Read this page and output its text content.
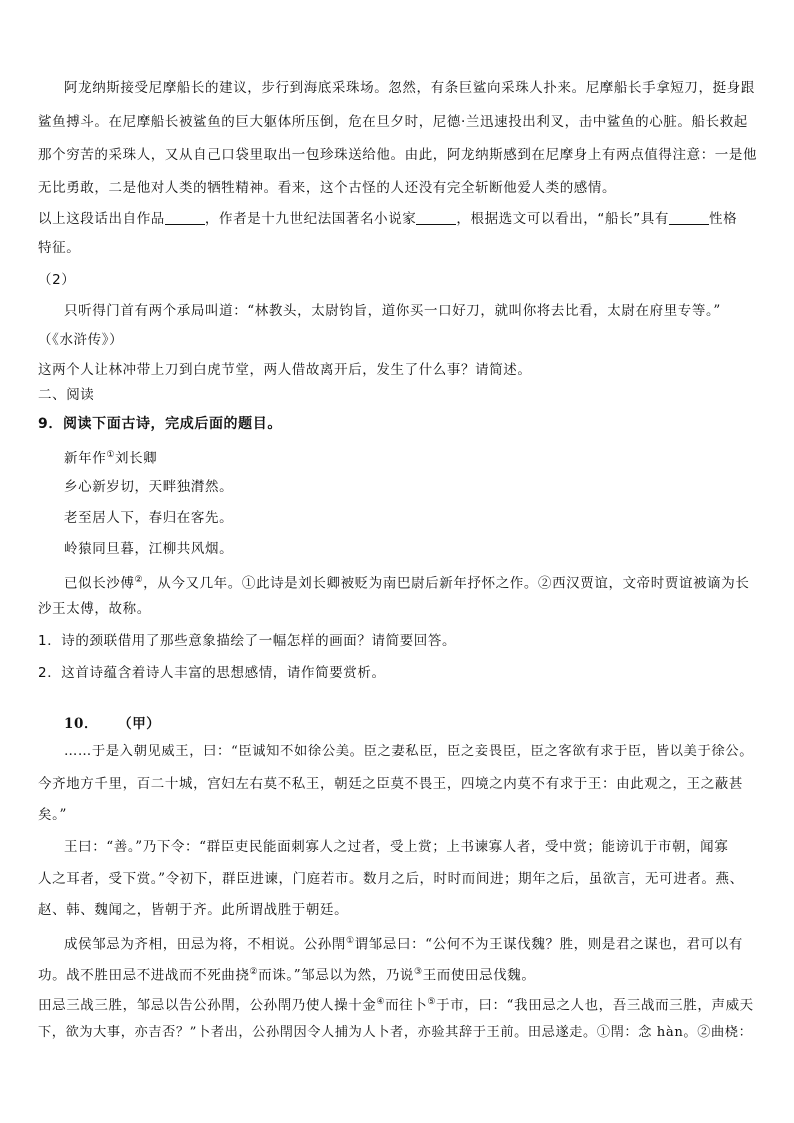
阿龙纳斯接受尼摩船长的建议，步行到海底采珠场。忽然，有条巨鲨向采珠人扑来。尼摩船长手拿短刀，挺身跟
鲨鱼搏斗。在尼摩船长被鲨鱼的巨大躯体所压倒，危在旦夕时，尼德·兰迅速投出利叉，击中鲨鱼的心脏。船长救起
那个穷苦的采珠人，又从自己口袋里取出一包珍珠送给他。由此，阿龙纳斯感到在尼摩身上有两点值得注意：一是他
无比勇敢，二是他对人类的牺牲精神。看来，这个古怪的人还没有完全斩断他爱人类的感情。
以上这段话出自作品	，作者是十九世纪法国著名小说家	，根据选文可以看出，“船长”具有	性格
特征。
（2）
只听得门首有两个承局叫道：“林教头，太尉钧旨，道你买一口好刀，就叫你将去比看，太尉在府里专等。”
（《水浒传》）
这两个人让林冲带上刀到白虎节堂，两人借故离开后，发生了什么事？请简述。
二、阅读
9．阅读下面古诗，完成后面的题目。
新年作①刘长卿
乡心新岁切，天畔独潸然。
老至居人下，春归在客先。
岭猿同旦暮，江柳共风烟。
已似长沙傅②，从今又几年。①此诗是刘长卿被贬为南巴尉后新年抒怀之作。②西汉贾谊，文帝时贾谊被谪为长
沙王太傅，故称。
1．诗的颈联借用了那些意象描绘了一幅怎样的画面？请简要回答。
2．这首诗蕴含着诗人丰富的思想感情，请作简要赏析。
10． （甲）
……于是入朝见威王，曰：“臣诚知不如徐公美。臣之妻私臣，臣之妾畏臣，臣之客欲有求于臣，皆以美于徐公。
今齐地方千里，百二十城，宫妇左右莫不私王，朝廷之臣莫不畏王，四境之内莫不有求于王：由此观之，王之蔽甚
矣。”
王曰：“善。”乃下令：“群臣吏民能面刺寡人之过者，受上赏；上书谏寡人者，受中赏；能谤讥于市朝，闻寡
人之耳者，受下赏。”令初下，群臣进谏，门庭若市。数月之后，时时而间进；期年之后，虽欲言，无可进者。燕、
赵、韩、魏闻之，皆朝于齐。此所谓战胜于朝廷。
成侯邹忌为齐相，田忌为将，不相说。公孙閈①谓邹忌曰：“公何不为王谋伐魏？胜，则是君之谋也，君可以有
功。战不胜田忌不进战而不死曲挠②而诛。”邹忌以为然，乃说③王而使田忌伐魏。
田忌三战三胜，邹忌以告公孙閈，公孙閈乃使人操十金④而往卜⑤于市，曰：“我田忌之人也，吾三战而三胜，声威天
下，欲为大事，亦吉否？”卜者出，公孙閈因令人捕为人卜者，亦验其辞于王前。田忌遂走。①閈：念 hàn。②曲桡：
